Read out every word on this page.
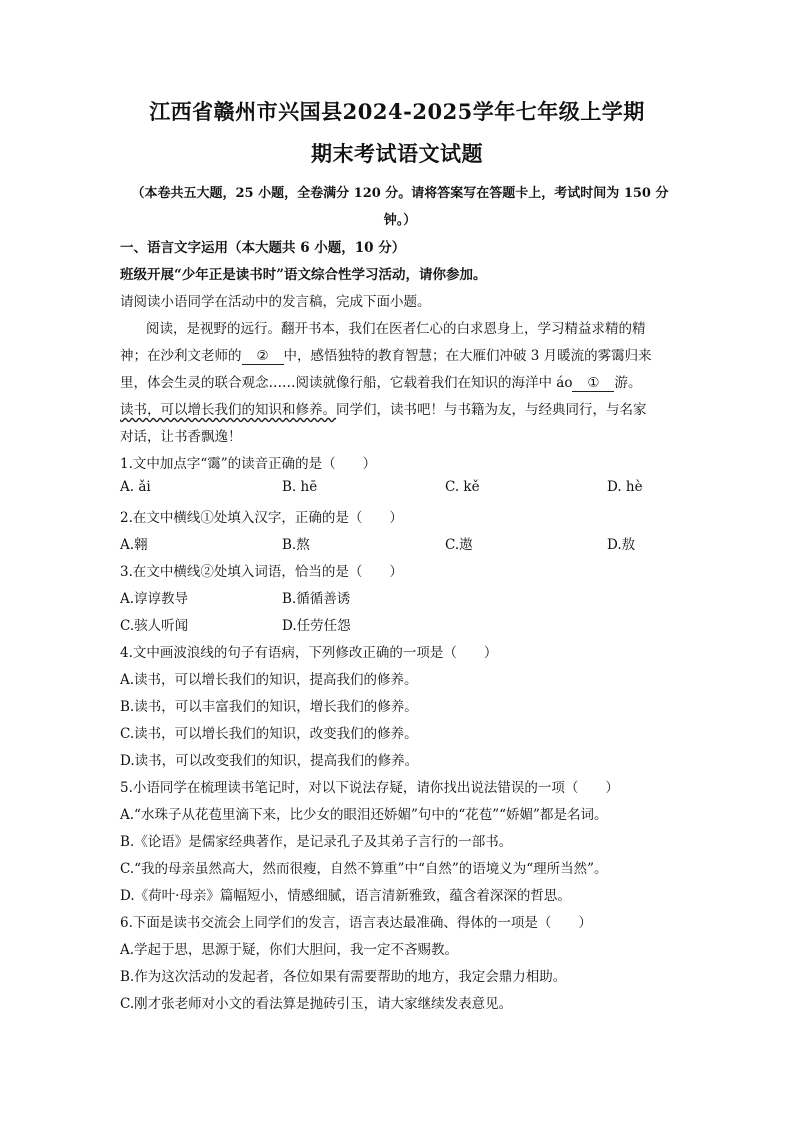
江西省赣州市兴国县2024-2025学年七年级上学期
期末考试语文试题
（本卷共五大题，25 小题，全卷满分 120 分。请将答案写在答题卡上，考试时间为 150 分钟。）
一、语言文字运用（本大题共 6 小题，10 分）
班级开展“少年正是读书时”语文综合性学习活动，请你参加。
请阅读小语同学在活动中的发言稿，完成下面小题。
阅读，是视野的远行。翻开书本，我们在医者仁心的白求恩身上，学习精益求精的精
神；在沙利文老师的 ② 中，感悟独特的教育智慧；在大雁们冲破 3 月暖流的雾霭归来
里，体会生灵的联合观念……阅读就像行船，它载着我们在知识的海洋中 áo ① 游。
读书，可以增长我们的知识和修养。同学们，读书吧！与书籍为友，与经典同行，与名家
对话，让书香飘逸！
1.文中加点字“霭”的读音正确的是（　　）
A. ǎi	B. hē	C. kě	D. hè
2.在文中横线①处填入汉字，正确的是（　　）
A.翱	B.熬	C.遨	D.敖
3.在文中横线②处填入词语，恰当的是（　　）
A.谆谆教导	B.循循善诱
C.骇人听闻	D.任劳任怨
4.文中画波浪线的句子有语病，下列修改正确的一项是（　　）
A.读书，可以增长我们的知识，提高我们的修养。
B.读书，可以丰富我们的知识，增长我们的修养。
C.读书，可以增长我们的知识，改变我们的修养。
D.读书，可以改变我们的知识，提高我们的修养。
5.小语同学在梳理读书笔记时，对以下说法存疑，请你找出说法错误的一项（　　）
A.“水珠子从花苞里滴下来，比少女的眼泪还娇媚”句中的“花苞”“娇媚”都是名词。
B.《论语》是儒家经典著作，是记录孔子及其弟子言行的一部书。
C.“我的母亲虽然高大，然而很瘦，自然不算重”中“自然”的语境义为“理所当然”。
D.《荷叶·母亲》篇幅短小，情感细腻，语言清新雅致，蕴含着深深的哲思。
6.下面是读书交流会上同学们的发言，语言表达最准确、得体的一项是（　　）
A.学起于思，思源于疑，你们大胆问，我一定不吝赐教。
B.作为这次活动的发起者，各位如果有需要帮助的地方，我定会鼎力相助。
C.刚才张老师对小文的看法算是抛砖引玉，请大家继续发表意见。
